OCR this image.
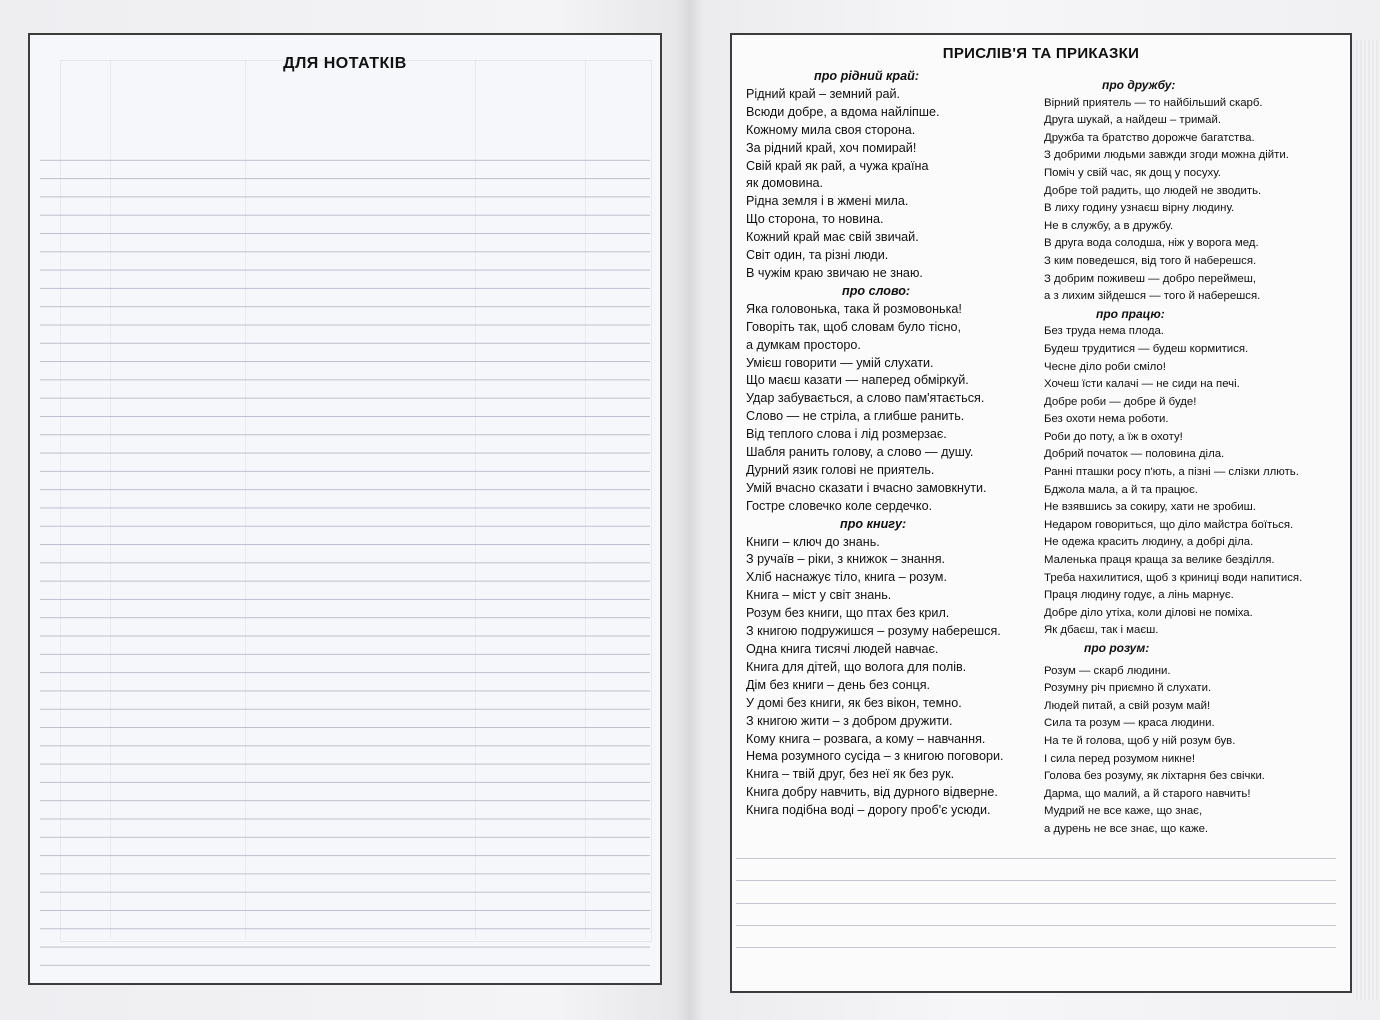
ДЛЯ НОТАТКІВ
ПРИСЛІВ'Я ТА ПРИКАЗКИ
про рідний край:
Рідний край – земний рай.
Всюди добре, а вдома найліпше.
Кожному мила своя сторона.
За рідний край, хоч помирай!
Свій край як рай, а чужа країна
як домовина.
Рідна земля і в жмені мила.
Що сторона, то новина.
Кожний край має свій звичай.
Світ один, та різні люди.
В чужім краю звичаю не знаю.
про слово:
Яка головонька, така й розмовонька!
Говоріть так, щоб словам було тісно,
а думкам просторо.
Умієш говорити — умій слухати.
Що маєш казати — наперед обміркуй.
Удар забувається, а слово пам'ятається.
Слово — не стріла, а глибше ранить.
Від теплого слова і лід розмерзає.
Шабля ранить голову, а слово — душу.
Дурний язик голові не приятель.
Умій вчасно сказати і вчасно замовкнути.
Гостре словечко коле сердечко.
про книгу:
Книги – ключ до знань.
З ручаїв – ріки, з книжок – знання.
Хліб наснажує тіло, книга – розум.
Книга – міст у світ знань.
Розум без книги, що птах без крил.
З книгою подружишся – розуму наберешся.
Одна книга тисячі людей навчає.
Книга для дітей, що волога для полів.
Дім без книги – день без сонця.
У домі без книги, як без вікон, темно.
З книгою жити – з добром дружити.
Кому книга – розвага, а кому – навчання.
Нема розумного сусіда – з книгою поговори.
Книга – твій друг, без неї як без рук.
Книга добру навчить, від дурного відверне.
Книга подібна воді – дорогу проб'є усюди.
про дружбу:
Вірний приятель — то найбільший скарб.
Друга шукай, а найдеш – тримай.
Дружба та братство дорожче багатства.
З добрими людьми завжди згоди можна дійти.
Поміч у свій час, як дощ у посуху.
Добре той радить, що людей не зводить.
В лиху годину узнаєш вірну людину.
Не в службу, а в дружбу.
В друга вода солодша, ніж у ворога мед.
З ким поведешся, від того й наберешся.
З добрим поживеш — добро переймеш,
а з лихим зійдешся — того й наберешся.
про працю:
Без труда нема плода.
Будеш трудитися — будеш кормитися.
Чесне діло роби сміло!
Хочеш їсти калачі — не сиди на печі.
Добре роби — добре й буде!
Без охоти нема роботи.
Роби до поту, а їж в охоту!
Добрий початок — половина діла.
Ранні пташки росу п'ють, а пізні — слізки ллють.
Бджола мала, а й та працює.
Не взявшись за сокиру, хати не зробиш.
Недаром говориться, що діло майстра боїться.
Не одежа красить людину, а добрі діла.
Маленька праця краща за велике безділля.
Треба нахилитися, щоб з криниці води напитися.
Праця людину годує, а лінь марнує.
Добре діло утіха, коли ділові не поміха.
Як дбаєш, так і маєш.
про розум:
Розум — скарб людини.
Розумну річ приємно й слухати.
Людей питай, а свій розум май!
Сила та розум — краса людини.
На те й голова, щоб у ній розум був.
І сила перед розумом никне!
Голова без розуму, як ліхтарня без свічки.
Дарма, що малий, а й старого навчить!
Мудрий не все каже, що знає,
а дурень не все знає, що каже.
